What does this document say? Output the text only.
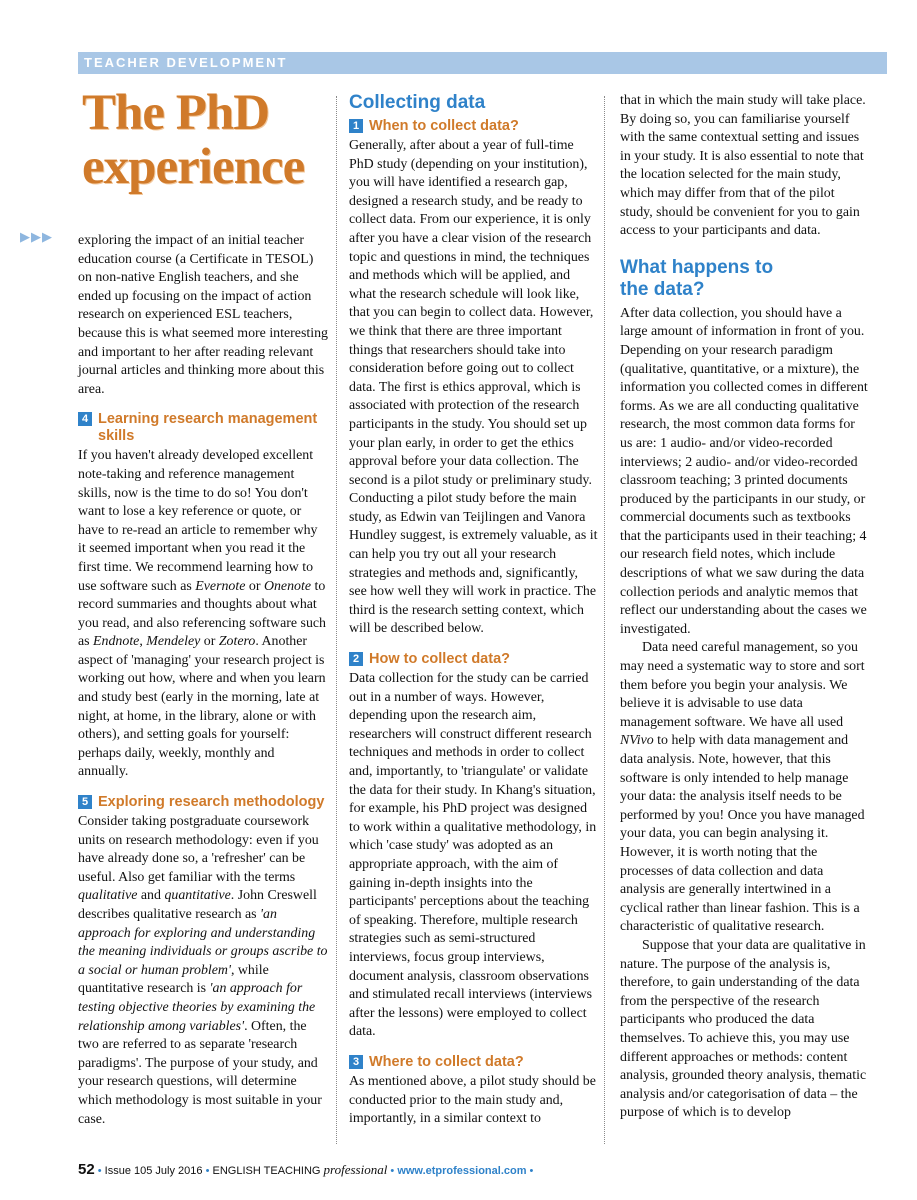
TEACHER DEVELOPMENT
The PhD
experience
▶▶▶ exploring the impact of an initial teacher education course (a Certificate in TESOL) on non-native English teachers, and she ended up focusing on the impact of action research on experienced ESL teachers, because this is what seemed more interesting and important to her after reading relevant journal articles and thinking more about this area.

4 Learning research management skills

If you haven't already developed excellent note-taking and reference management skills, now is the time to do so! You don't want to lose a key reference or quote, or have to re-read an article to remember why it seemed important when you read it the first time. We recommend learning how to use software such as Evernote or Onenote to record summaries and thoughts about what you read, and also referencing software such as Endnote, Mendeley or Zotero. Another aspect of 'managing' your research project is working out how, where and when you learn and study best (early in the morning, late at night, at home, in the library, alone or with others), and setting goals for yourself: perhaps daily, weekly, monthly and annually.

5 Exploring research methodology

Consider taking postgraduate coursework units on research methodology: even if you have already done so, a 'refresher' can be useful. Also get familiar with the terms qualitative and quantitative. John Creswell describes qualitative research as 'an approach for exploring and understanding the meaning individuals or groups ascribe to a social or human problem', while quantitative research is 'an approach for testing objective theories by examining the relationship among variables'. Often, the two are referred to as separate 'research paradigms'. The purpose of your study, and your research questions, will determine which methodology is most suitable in your case.

Collecting data
1 When to collect data?

Generally, after about a year of full-time PhD study (depending on your institution), you will have identified a research gap, designed a research study, and be ready to collect data. From our experience, it is only after you have a clear vision of the research topic and questions in mind, the techniques and methods which will be applied, and what the research schedule will look like, that you can begin to collect data. However, we think that there are three important things that researchers should take into consideration before going out to collect data. The first is ethics approval, which is associated with protection of the research participants in the study. You should set up your plan early, in order to get the ethics approval before your data collection. The second is a pilot study or preliminary study. Conducting a pilot study before the main study, as Edwin van Teijlingen and Vanora Hundley suggest, is extremely valuable, as it can help you try out all your research strategies and methods and, significantly, see how well they will work in practice. The third is the research setting context, which will be described below.

2 How to collect data?

Data collection for the study can be carried out in a number of ways. However, depending upon the research aim, researchers will construct different research techniques and methods in order to collect and, importantly, to 'triangulate' or validate the data for their study. In Khang's situation, for example, his PhD project was designed to work within a qualitative methodology, in which 'case study' was adopted as an appropriate approach, with the aim of gaining in-depth insights into the participants' perceptions about the teaching of speaking. Therefore, multiple research strategies such as semi-structured interviews, focus group interviews, document analysis, classroom observations and stimulated recall interviews (interviews after the lessons) were employed to collect data.

3 Where to collect data?

As mentioned above, a pilot study should be conducted prior to the main study and, importantly, in a similar context to

that in which the main study will take place. By doing so, you can familiarise yourself with the same contextual setting and issues in your study. It is also essential to note that the location selected for the main study, which may differ from that of the pilot study, should be convenient for you to gain access to your participants and data.

What happens to the data?

After data collection, you should have a large amount of information in front of you. Depending on your research paradigm (qualitative, quantitative, or a mixture), the information you collected comes in different forms. As we are all conducting qualitative research, the most common data forms for us are: 1 audio- and/or video-recorded interviews; 2 audio- and/or video-recorded classroom teaching; 3 printed documents produced by the participants in our study, or commercial documents such as textbooks that the participants used in their teaching; 4 our research field notes, which include descriptions of what we saw during the data collection periods and analytic memos that reflect our understanding about the cases we investigated.

Data need careful management, so you may need a systematic way to store and sort them before you begin your analysis. We believe it is advisable to use data management software. We have all used NVivo to help with data management and data analysis. Note, however, that this software is only intended to help manage your data: the analysis itself needs to be performed by you! Once you have managed your data, you can begin analysing it. However, it is worth noting that the processes of data collection and data analysis are generally intertwined in a cyclical rather than linear fashion. This is a characteristic of qualitative research.

Suppose that your data are qualitative in nature. The purpose of the analysis is, therefore, to gain understanding of the data from the perspective of the research participants who produced the data themselves. To achieve this, you may use different approaches or methods: content analysis, grounded theory analysis, thematic analysis and/or categorisation of data – the purpose of which is to develop

52 • Issue 105 July 2016 • ENGLISH TEACHING professional • www.etprofessional.com •
